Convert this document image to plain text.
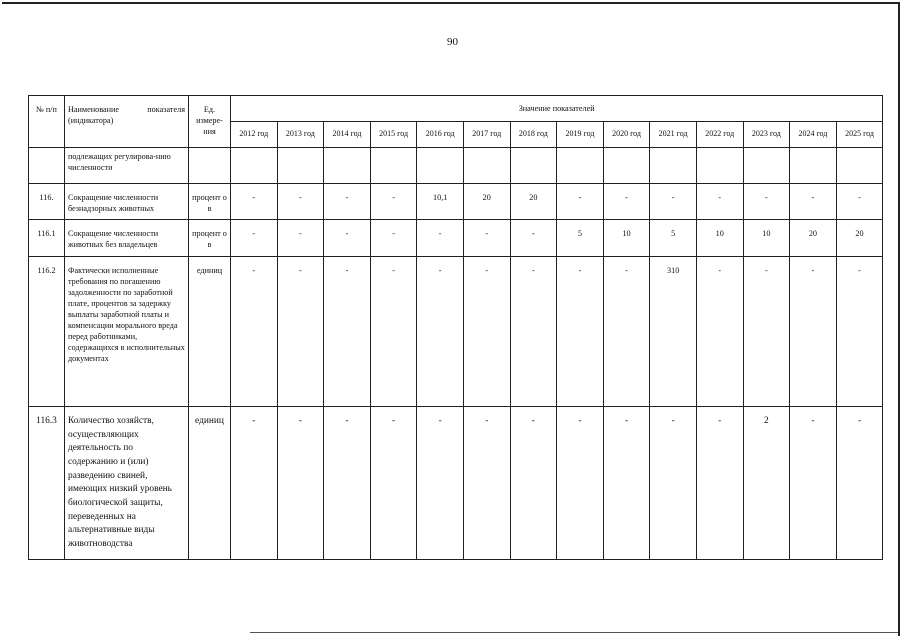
90
№ п/п	Наименование показателя (индикатора)	Ед. измере-ния	Значение показателей													
			2012 год	2013 год	2014 год	2015 год	2016 год	2017 год	2018 год	2019 год	2020 год	2021 год	2022 год	2023 год	2024 год	2025 год
	подлежащих регулирова-нию численности															
116.	Сокращение численности безнадзорных животных	процент ов	-	-	-	-	10,1	20	20	-	-	-	-	-	-	-
116.1	Сокращение численности животных без владельцев	процент ов	-	-	-	-	-	-	-	5	10	5	10	10	20	20
116.2	Фактически исполненные требования по погашению задолженности по заработной плате, процентов за задержку выплаты заработной платы и компенсации морального вреда перед работниками, содержащихся в исполнительных документах	единиц	-	-	-	-	-	-	-	-	-	310	-	-	-	-
116.3	Количество хозяйств, осуществляющих деятельность по содержанию и (или) разведению свиней, имеющих низкий уровень биологической защиты, переведенных на альтернативные виды животноводства	единиц	-	-	-	-	-	-	-	-	-	-	-	2	-	-
